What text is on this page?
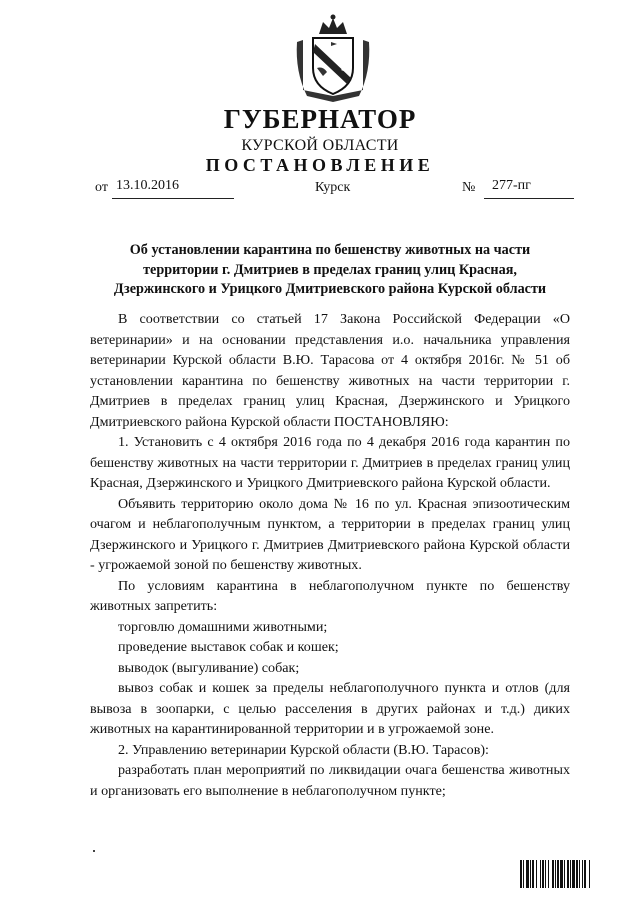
ГУБЕРНАТОР
КУРСКОЙ ОБЛАСТИ
ПОСТАНОВЛЕНИЕ
от 13.10.2016	Курск	№ 277-пг
Об установлении карантина по бешенству животных на части
территории г. Дмитриев в пределах границ улиц Красная,
Дзержинского и Урицкого Дмитриевского района Курской области

В соответствии со статьей 17 Закона Российской Федерации «О ветеринарии» и на основании представления и.о. начальника управления ветеринарии Курской области В.Ю. Тарасова от 4 октября 2016г. № 51 об установлении карантина по бешенству животных на части территории г. Дмитриев в пределах границ улиц Красная, Дзержинского и Урицкого Дмитриевского района Курской области ПОСТАНОВЛЯЮ:

1. Установить с 4 октября 2016 года по 4 декабря 2016 года карантин по бешенству животных на части территории г. Дмитриев в пределах границ улиц Красная, Дзержинского и Урицкого Дмитриевского района Курской области.

Объявить территорию около дома № 16 по ул. Красная эпизоотическим очагом и неблагополучным пунктом, а территории в пределах границ улиц Дзержинского и Урицкого г. Дмитриев Дмитриевского района Курской области - угрожаемой зоной по бешенству животных.

По условиям карантина в неблагополучном пункте по бешенству животных запретить:

торговлю домашними животными;

проведение выставок собак и кошек;

выводок (выгуливание) собак;

вывоз собак и кошек за пределы неблагополучного пункта и отлов (для вывоза в зоопарки, с целью расселения в других районах и т.д.) диких животных на карантинированной территории и в угрожаемой зоне.

2. Управлению ветеринарии Курской области (В.Ю. Тарасов):

разработать план мероприятий по ликвидации очага бешенства животных и организовать его выполнение в неблагополучном пункте;
